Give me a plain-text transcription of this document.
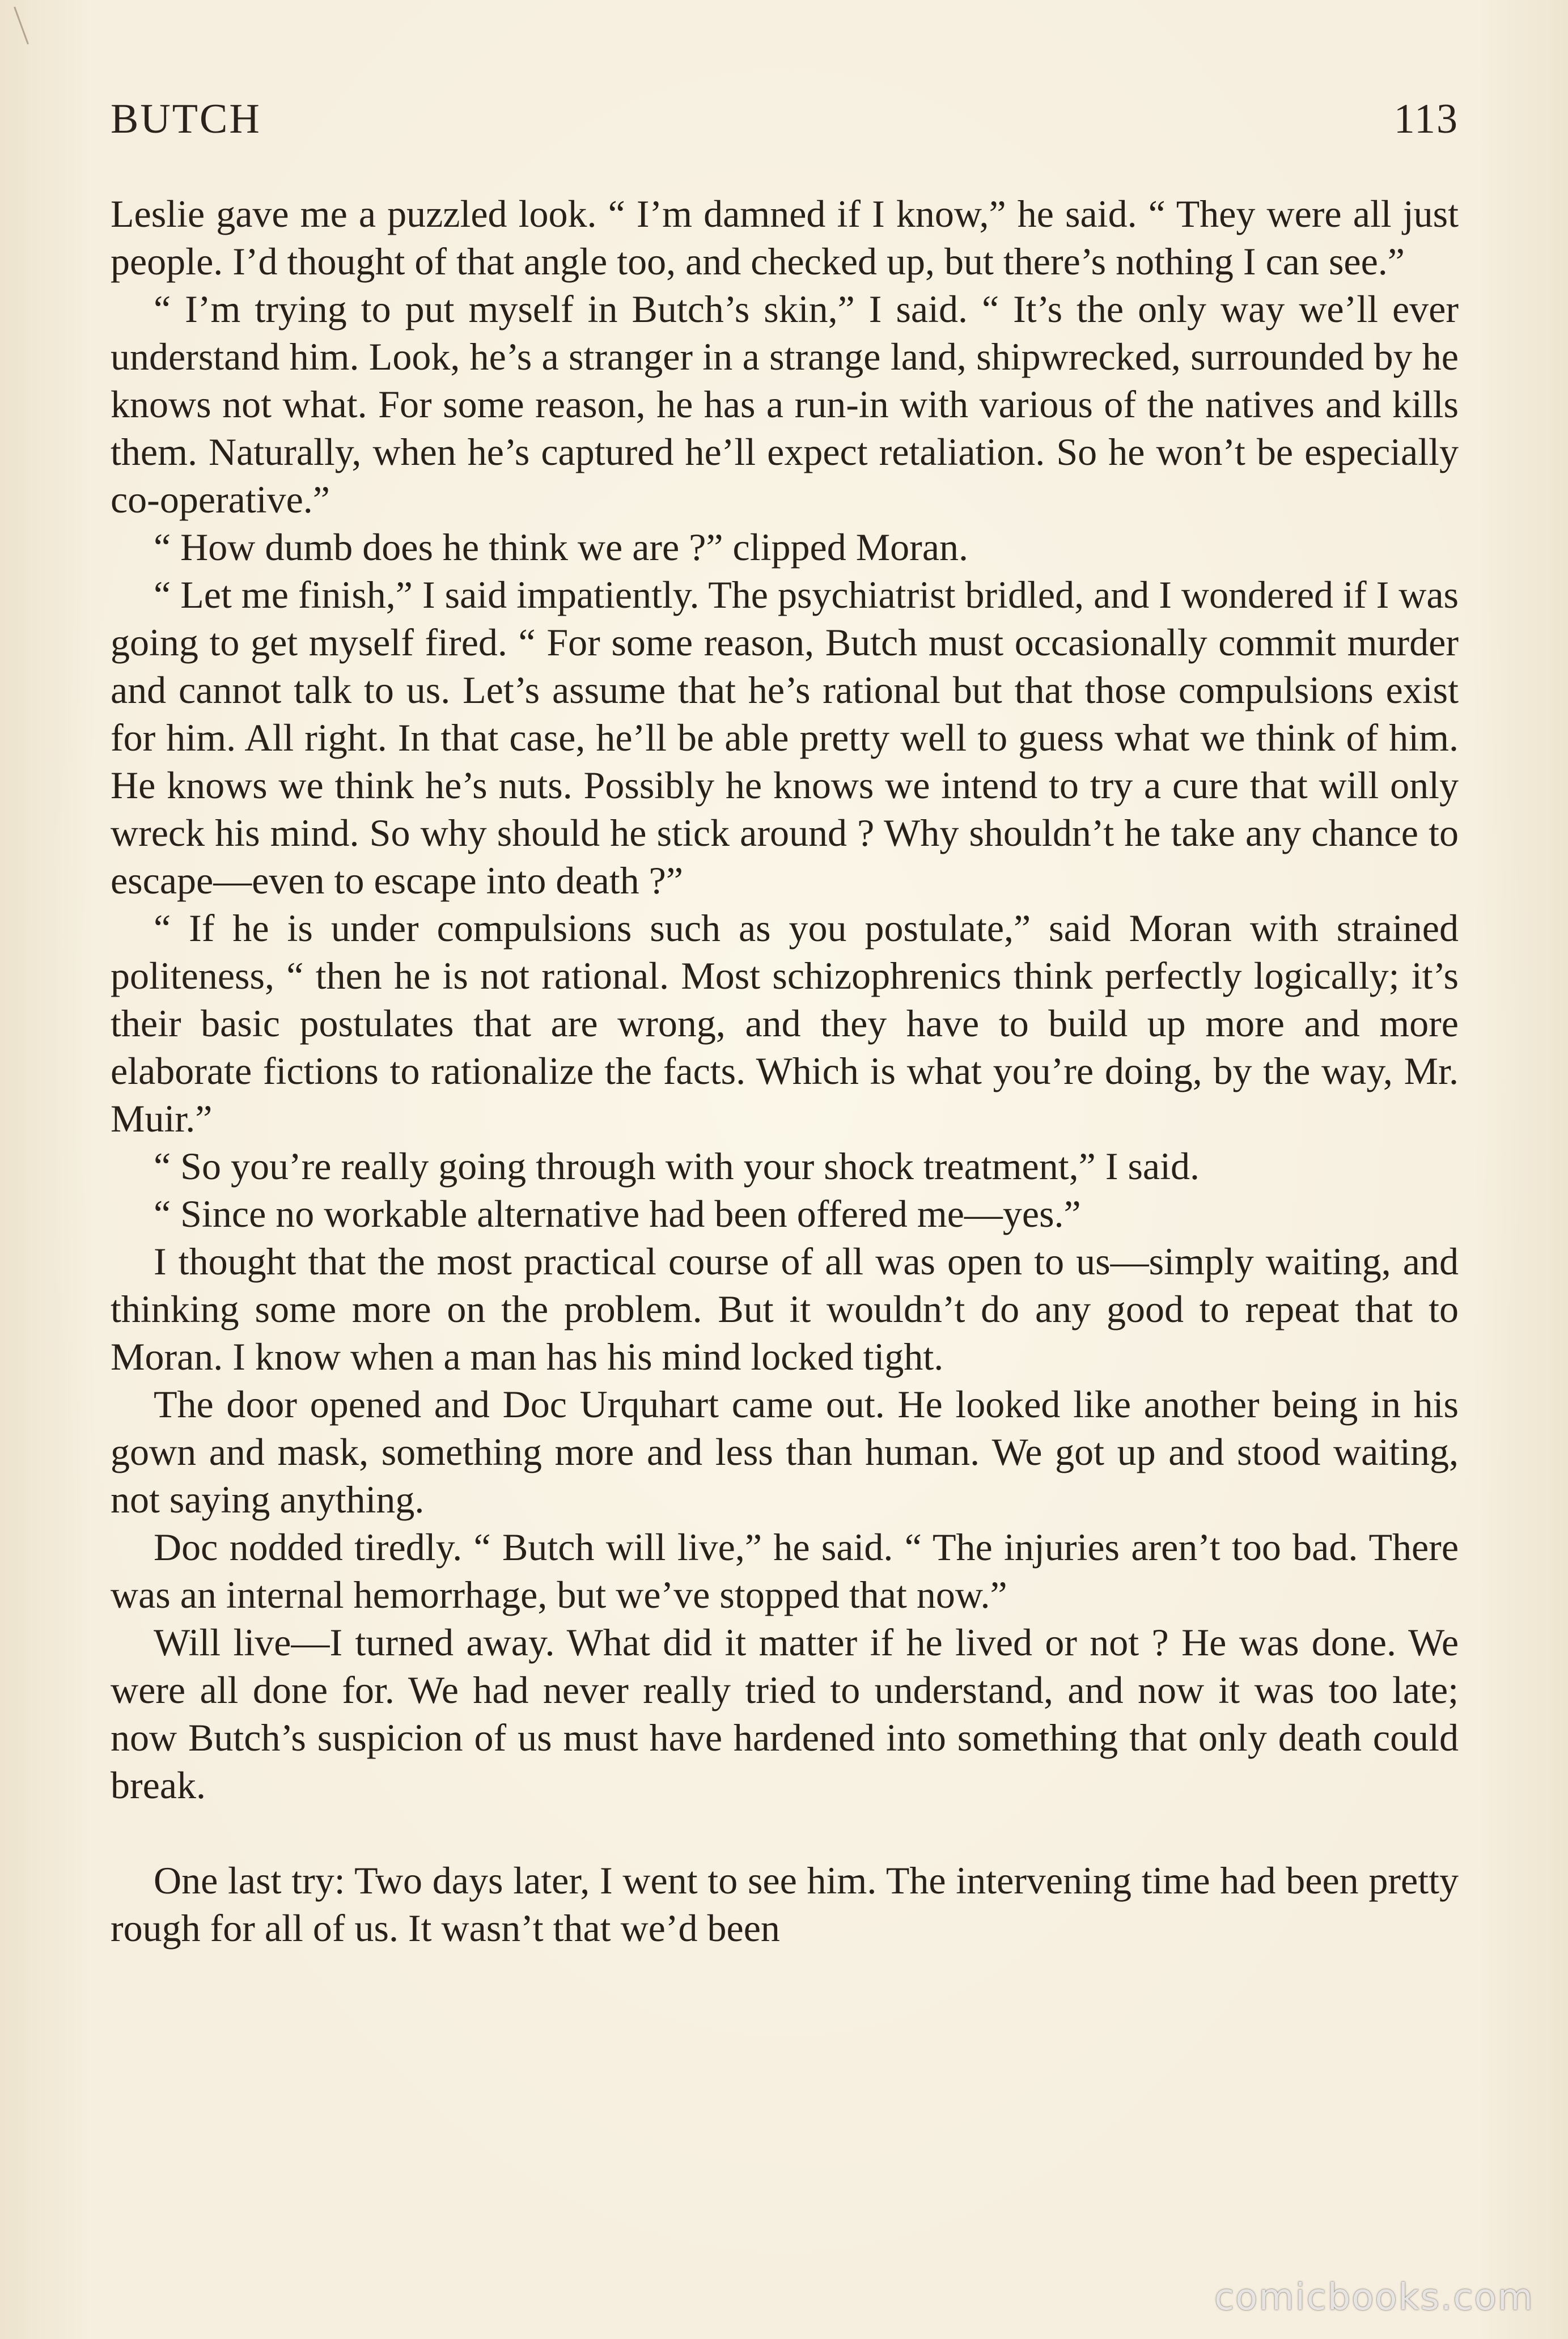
BUTCH	113

Leslie gave me a puzzled look. “ I’m damned if I know,” he said. “ They were all just people. I’d thought of that angle too, and checked up, but there’s nothing I can see.”

“ I’m trying to put myself in Butch’s skin,” I said. “ It’s the only way we’ll ever understand him. Look, he’s a stranger in a strange land, shipwrecked, surrounded by he knows not what. For some reason, he has a run-in with various of the natives and kills them. Naturally, when he’s captured he’ll expect retaliation. So he won’t be especially co-operative.”

“ How dumb does he think we are ?” clipped Moran.

“ Let me finish,” I said impatiently. The psychiatrist bridled, and I wondered if I was going to get myself fired. “ For some reason, Butch must occasionally commit murder and cannot talk to us. Let’s assume that he’s rational but that those compulsions exist for him. All right. In that case, he’ll be able pretty well to guess what we think of him. He knows we think he’s nuts. Possibly he knows we intend to try a cure that will only wreck his mind. So why should he stick around ? Why shouldn’t he take any chance to escape—even to escape into death ?”

“ If he is under compulsions such as you postulate,” said Moran with strained politeness, “ then he is not rational. Most schizophrenics think perfectly logically; it’s their basic postulates that are wrong, and they have to build up more and more elaborate fictions to rationalize the facts. Which is what you’re doing, by the way, Mr. Muir.”

“ So you’re really going through with your shock treatment,” I said.

“ Since no workable alternative had been offered me—yes.”

I thought that the most practical course of all was open to us—simply waiting, and thinking some more on the problem. But it wouldn’t do any good to repeat that to Moran. I know when a man has his mind locked tight.

The door opened and Doc Urquhart came out. He looked like another being in his gown and mask, something more and less than human. We got up and stood waiting, not saying anything.

Doc nodded tiredly. “ Butch will live,” he said. “ The injuries aren’t too bad. There was an internal hemorrhage, but we’ve stopped that now.”

Will live—I turned away. What did it matter if he lived or not ? He was done. We were all done for. We had never really tried to understand, and now it was too late; now Butch’s suspicion of us must have hardened into something that only death could break.

One last try: Two days later, I went to see him. The intervening time had been pretty rough for all of us. It wasn’t that we’d been

comicbooks.com
